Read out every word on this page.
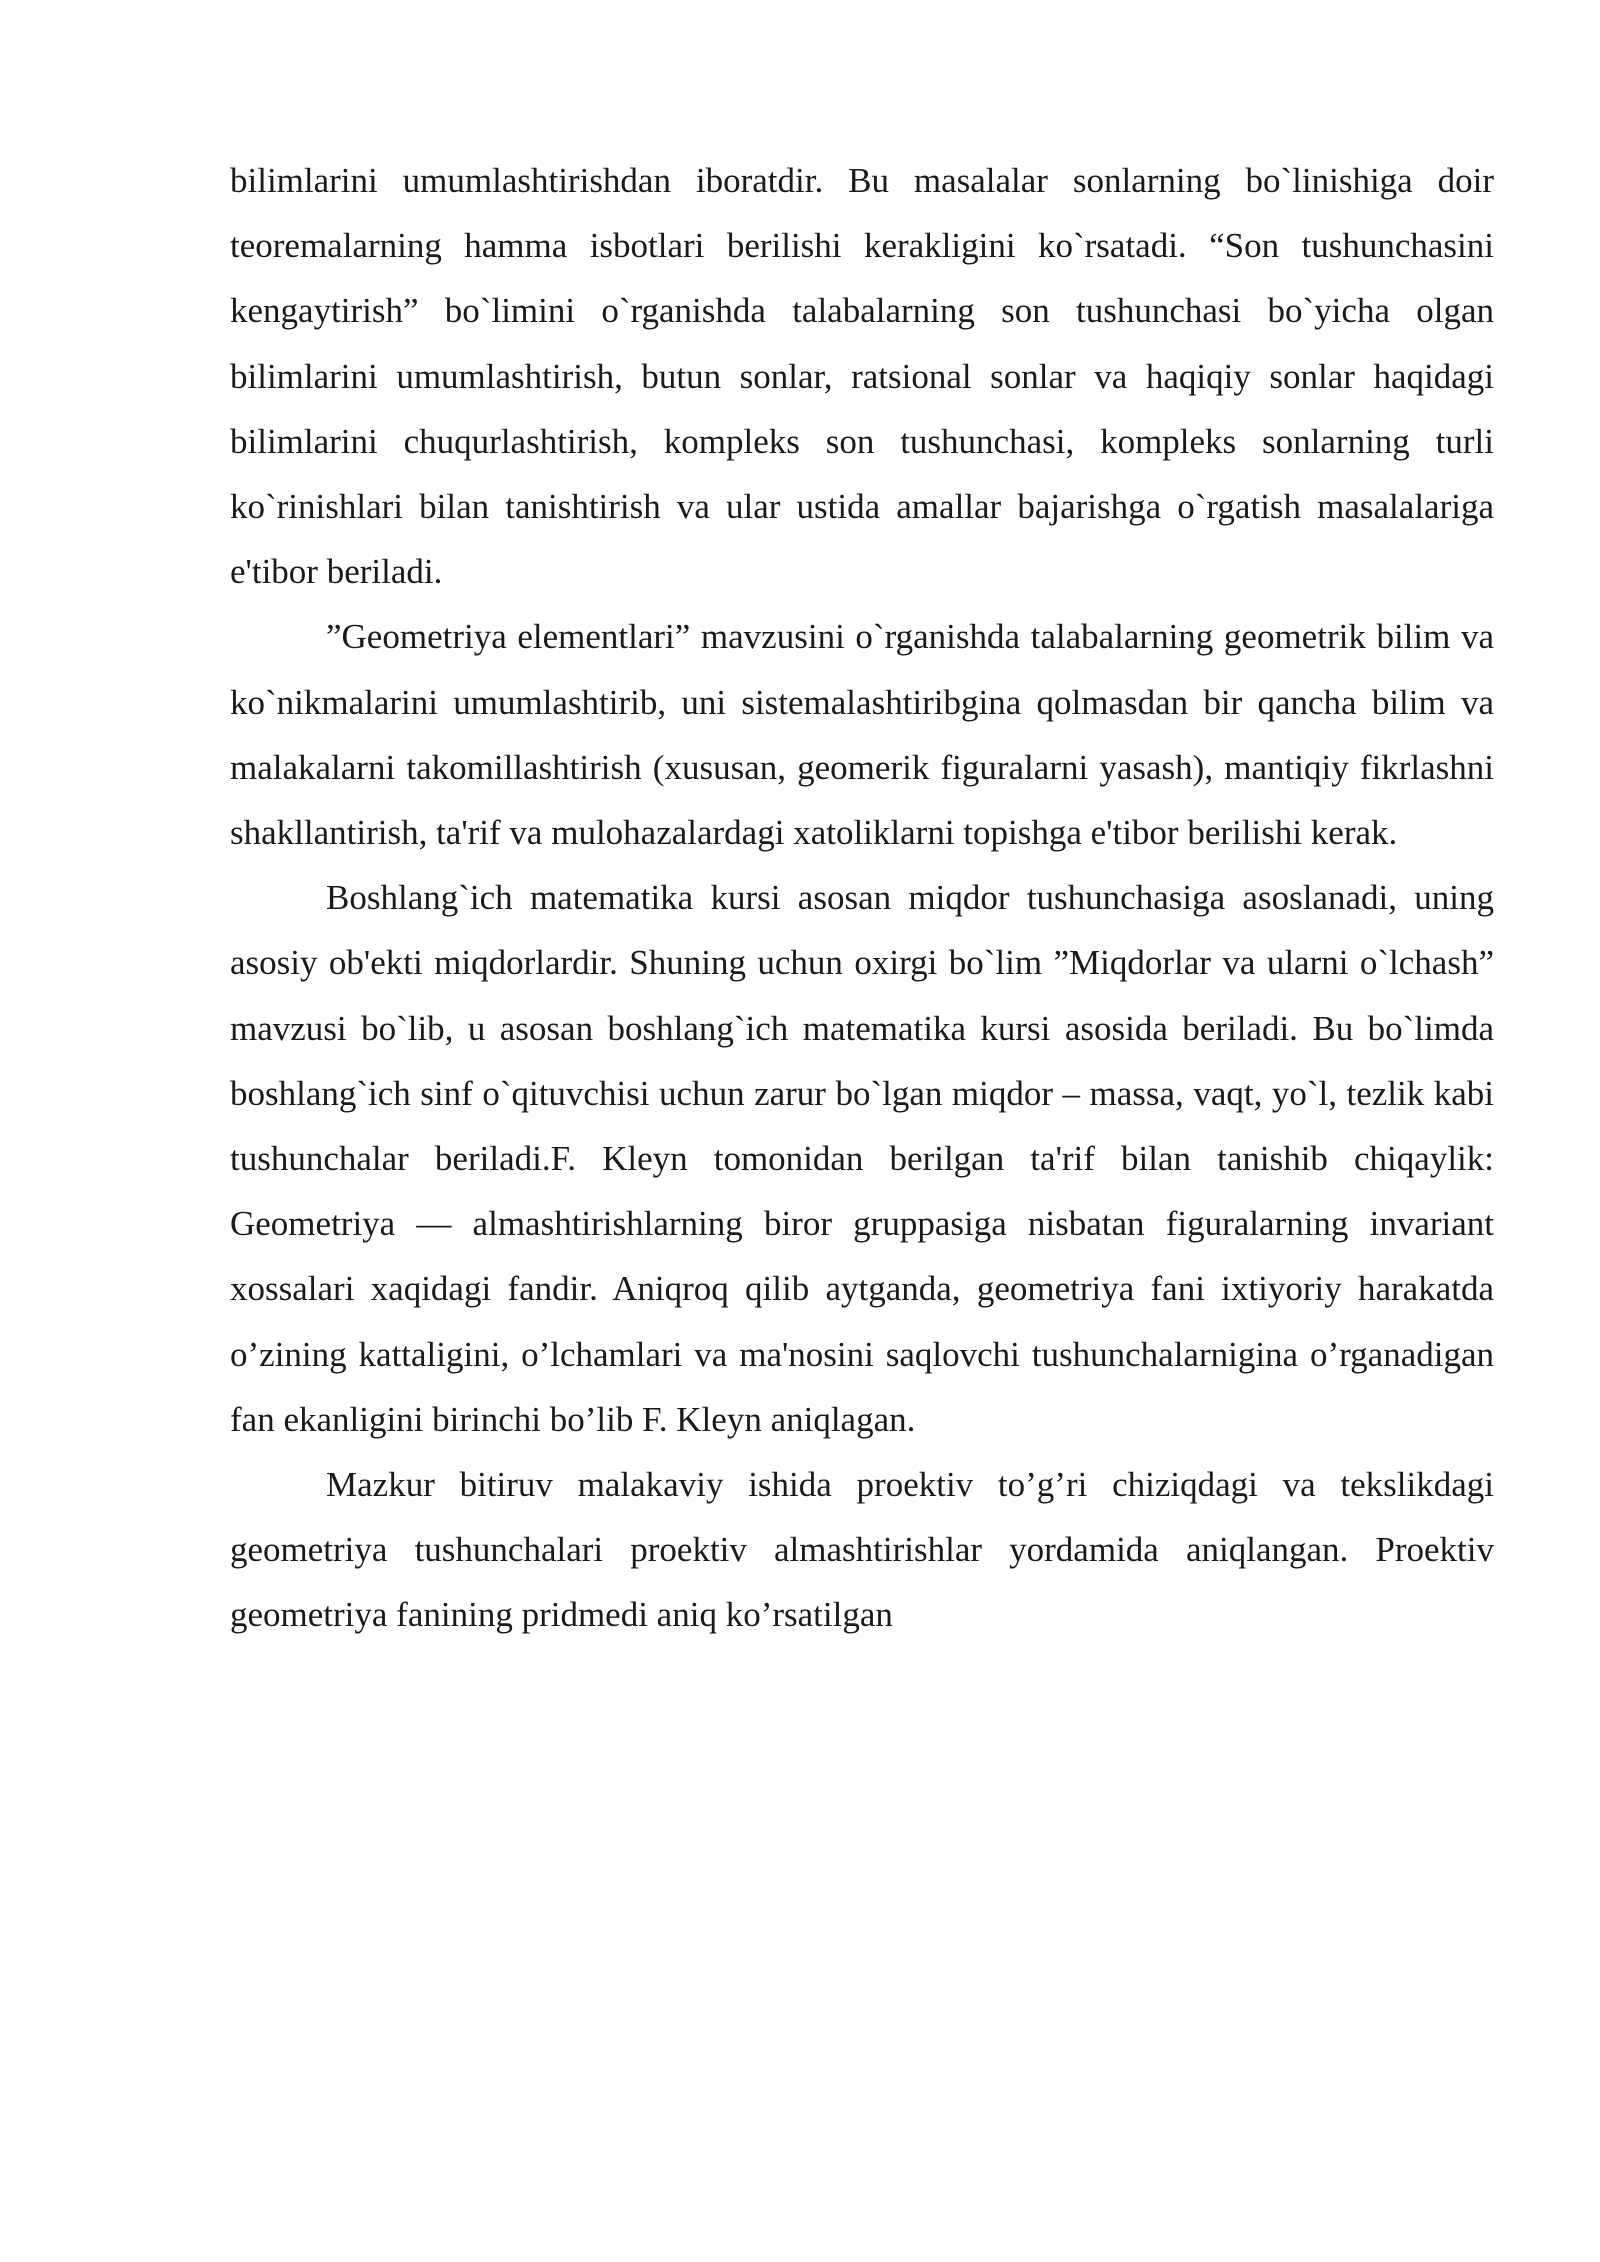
bilimlarini umumlashtirishdan iboratdir. Bu masalalar sonlarning bo`linishiga doir teoremalarning hamma isbotlari berilishi kerakligini ko`rsatadi. “Son tushunchasini kengaytirish” bo`limini o`rganishda talabalarning son tushunchasi bo`yicha olgan bilimlarini umumlashtirish, butun sonlar, ratsional sonlar va haqiqiy sonlar haqidagi bilimlarini chuqurlashtirish, kompleks son tushunchasi, kompleks sonlarning turli ko`rinishlari bilan tanishtirish va ular ustida amallar bajarishga o`rgatish masalalariga e'tibor beriladi.

”Geometriya elementlari” mavzusini o`rganishda talabalarning geometrik bilim va ko`nikmalarini umumlashtirib, uni sistemalashtiribgina qolmasdan bir qancha bilim va malakalarni takomillashtirish (xususan, geomerik figuralarni yasash), mantiqiy fikrlashni shakllantirish, ta'rif va mulohazalardagi xatoliklarni topishga e'tibor berilishi kerak.

Boshlang`ich matematika kursi asosan miqdor tushunchasiga asoslanadi, uning asosiy ob'ekti miqdorlardir. Shuning uchun oxirgi bo`lim ”Miqdorlar va ularni o`lchash” mavzusi bo`lib, u asosan boshlang`ich matematika kursi asosida beriladi. Bu bo`limda boshlang`ich sinf o`qituvchisi uchun zarur bo`lgan miqdor – massa, vaqt, yo`l, tezlik kabi tushunchalar beriladi.F. Kleyn tomonidan berilgan ta'rif bilan tanishib chiqaylik: Geometriya — almashtirishlarning biror gruppasiga nisbatan figuralarning invariant xossalari xaqidagi fandir. Aniqroq qilib aytganda, geometriya fani ixtiyoriy harakatda o’zining kattaligini, o’lchamlari va ma'nosini saqlovchi tushunchalarnigina o’rganadigan fan ekanligini birinchi bo’lib F. Kleyn aniqlagan.

Mazkur bitiruv malakaviy ishida proektiv to’g’ri chiziqdagi va tekslikdagi geometriya tushunchalari proektiv almashtirishlar yordamida aniqlangan. Proektiv geometriya fanining pridmedi aniq ko’rsatilgan
